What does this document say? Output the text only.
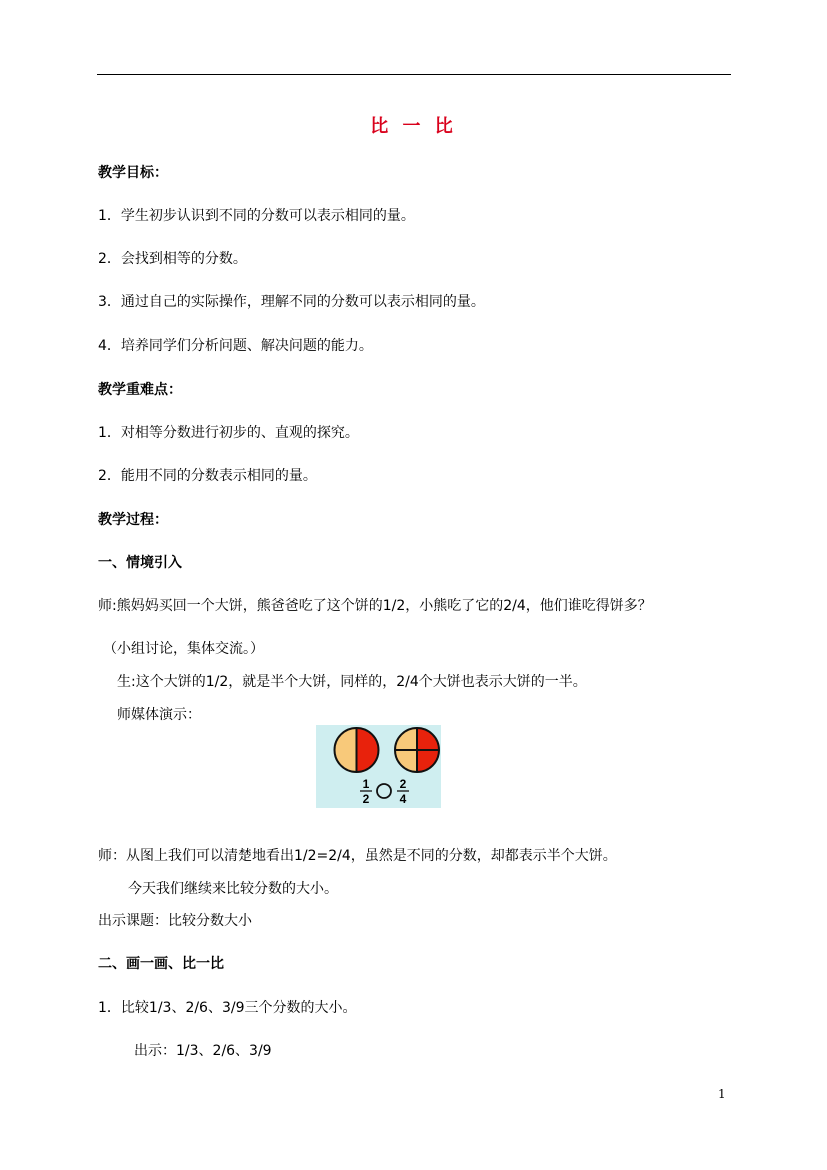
比 一 比
教学目标：
1．学生初步认识到不同的分数可以表示相同的量。
2．会找到相等的分数。
3．通过自己的实际操作，理解不同的分数可以表示相同的量。
4．培养同学们分析问题、解决问题的能力。
教学重难点：
1．对相等分数进行初步的、直观的探究。
2．能用不同的分数表示相同的量。
教学过程：
一、情境引入
师:熊妈妈买回一个大饼，熊爸爸吃了这个饼的1/2，小熊吃了它的2/4，他们谁吃得饼多？
（小组讨论，集体交流。）
生:这个大饼的1/2，就是半个大饼，同样的，2/4个大饼也表示大饼的一半。
师媒体演示：
1
2
2
4
师：从图上我们可以清楚地看出1/2=2/4，虽然是不同的分数，却都表示半个大饼。
今天我们继续来比较分数的大小。
出示课题：比较分数大小
二、画一画、比一比
1．比较1/3、2/6、3/9三个分数的大小。
出示：1/3、2/6、3/9
1
